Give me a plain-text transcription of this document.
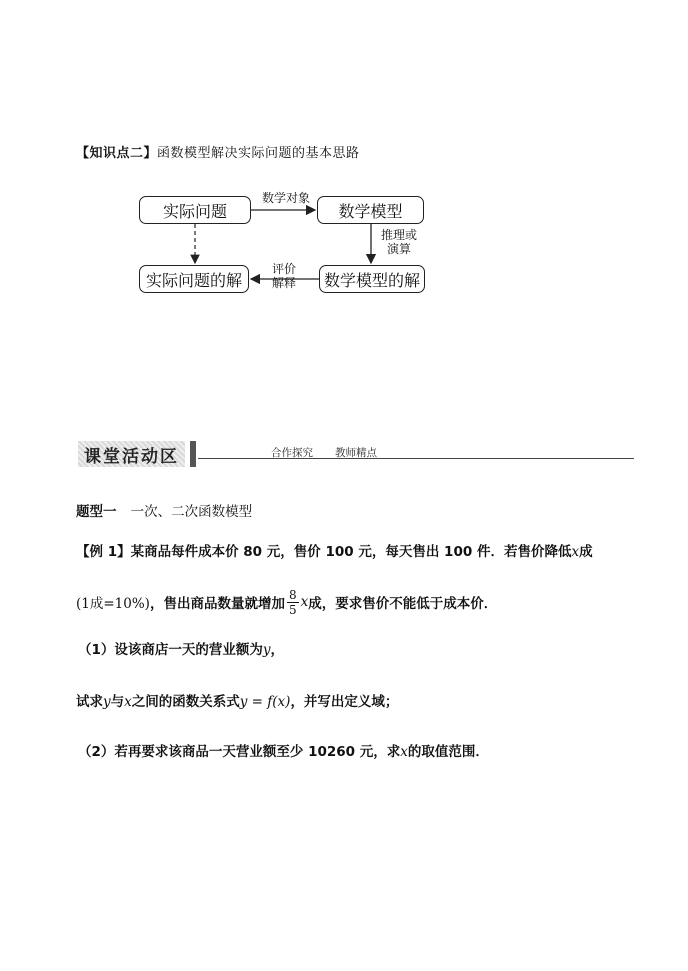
【知识点二】函数模型解决实际问题的基本思路
实际问题	数学模型
实际问题的解	数学模型的解
数学对象
推理或
演算
评价
解释
课堂活动区	合作探究 教师精点
题型一 一次、二次函数模型
【例 1】某商品每件成本价 80 元，售价 100 元，每天售出 100 件．若售价降低x成
(1成=10%) ，售出商品数量就增加 $\frac{8}{5}$ x 成，要求售价不能低于成本价．
（1）设该商店一天的营业额为y，
试求y与x之间的函数关系式y = f(x)，并写出定义域；
（2）若再要求该商品一天营业额至少 10260 元，求x的取值范围．
